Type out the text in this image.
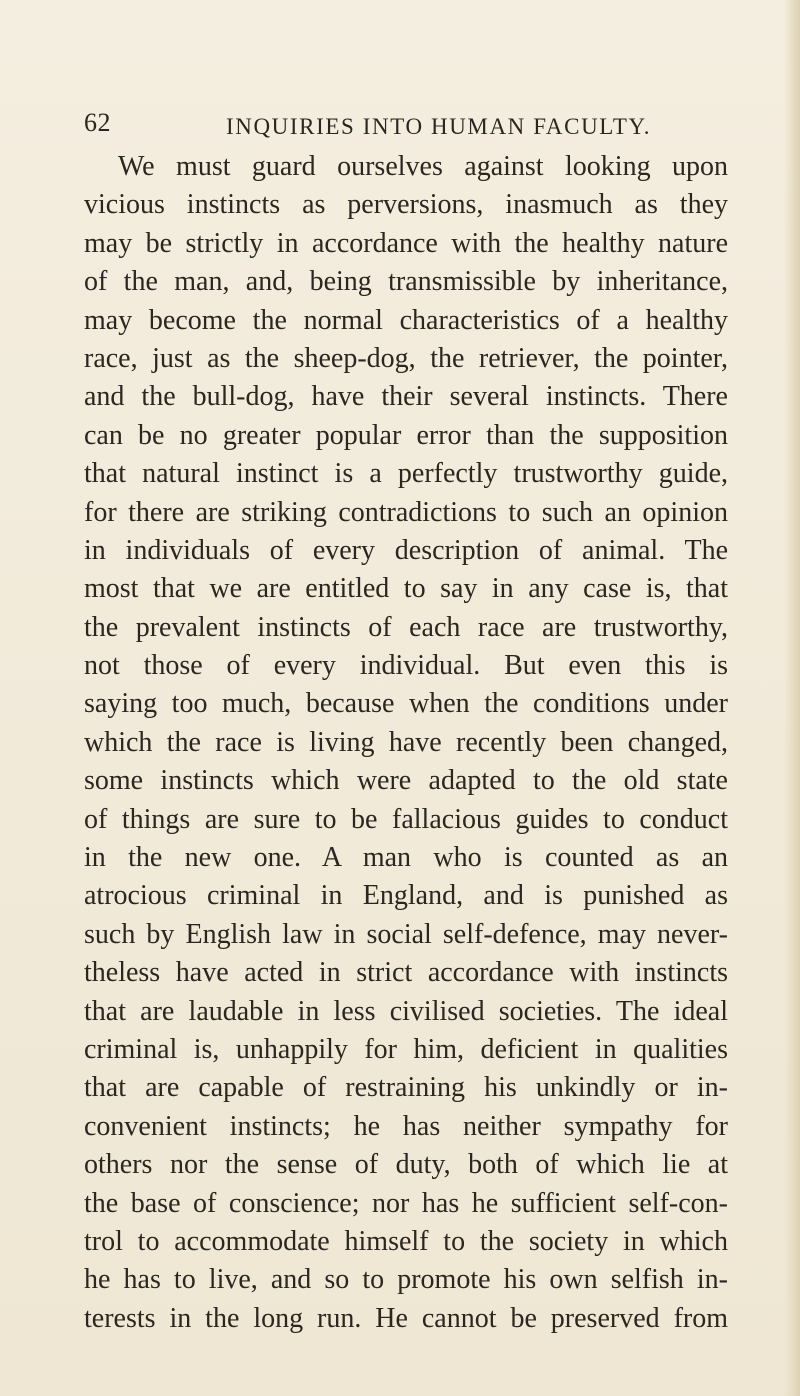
62	INQUIRIES INTO HUMAN FACULTY.
We must guard ourselves against looking upon
vicious instincts as perversions, inasmuch as they
may be strictly in accordance with the healthy nature
of the man, and, being transmissible by inheritance,
may become the normal characteristics of a healthy
race, just as the sheep-dog, the retriever, the pointer,
and the bull-dog, have their several instincts. There
can be no greater popular error than the supposition
that natural instinct is a perfectly trustworthy guide,
for there are striking contradictions to such an opinion
in individuals of every description of animal. The
most that we are entitled to say in any case is, that
the prevalent instincts of each race are trustworthy,
not those of every individual. But even this is
saying too much, because when the conditions under
which the race is living have recently been changed,
some instincts which were adapted to the old state
of things are sure to be fallacious guides to conduct
in the new one. A man who is counted as an
atrocious criminal in England, and is punished as
such by English law in social self-defence, may never-
theless have acted in strict accordance with instincts
that are laudable in less civilised societies. The ideal
criminal is, unhappily for him, deficient in qualities
that are capable of restraining his unkindly or in-
convenient instincts; he has neither sympathy for
others nor the sense of duty, both of which lie at
the base of conscience; nor has he sufficient self-con-
trol to accommodate himself to the society in which
he has to live, and so to promote his own selfish in-
terests in the long run. He cannot be preserved from
